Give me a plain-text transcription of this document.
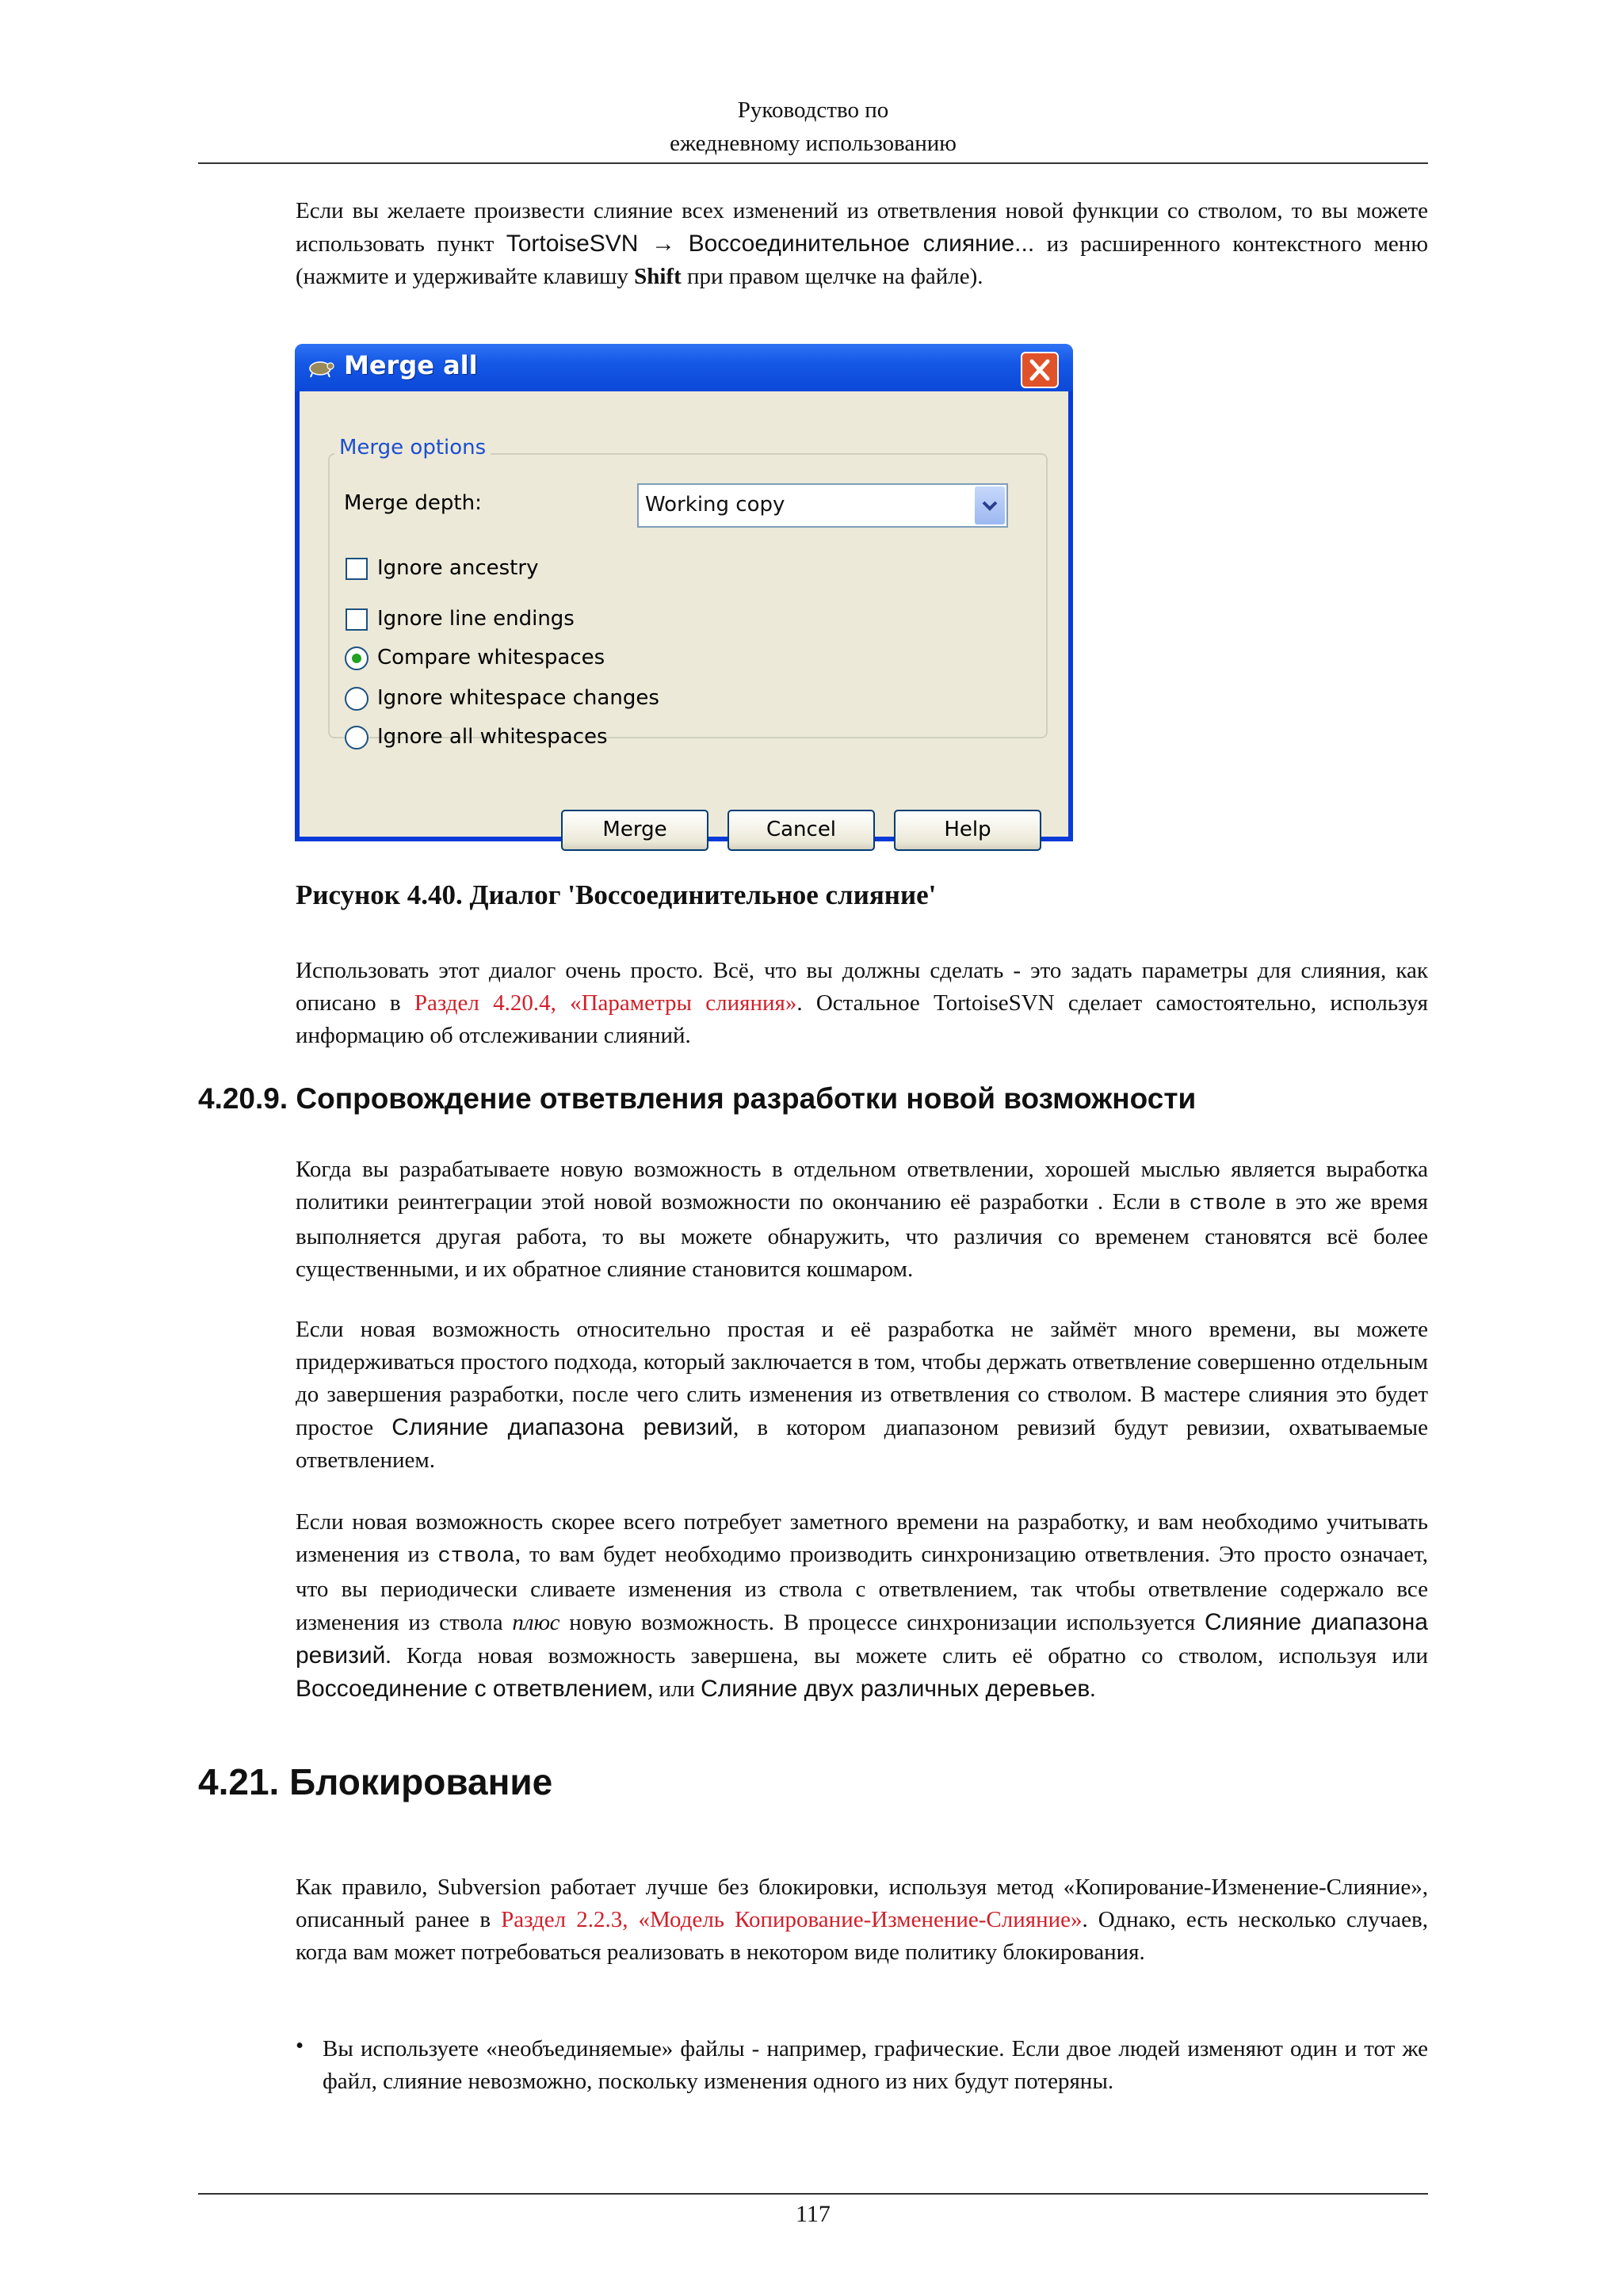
Руководство по
ежедневному использованию
Если вы желаете произвести слияние всех изменений из ответвления новой функции со стволом, то вы можете использовать пункт TortoiseSVN → Воссоединительное слияние... из расширенного контекстного меню (нажмите и удерживайте клавишу Shift при правом щелчке на файле).
Merge all
Merge options
Merge depth:	Working copy
Ignore ancestry
Ignore line endings
Compare whitespaces
Ignore whitespace changes
Ignore all whitespaces
Merge	Cancel	Help
Рисунок 4.40. Диалог 'Воссоединительное слияние'
Использовать этот диалог очень просто. Всё, что вы должны сделать - это задать параметры для слияния, как описано в Раздел 4.20.4, «Параметры слияния». Остальное TortoiseSVN сделает самостоятельно, используя информацию об отслеживании слияний.
4.20.9. Сопровождение ответвления разработки новой возможности
Когда вы разрабатываете новую возможность в отдельном ответвлении, хорошей мыслью является выработка политики реинтеграции этой новой возможности по окончанию её разработки . Если в стволе в это же время выполняется другая работа, то вы можете обнаружить, что различия со временем становятся всё более существенными, и их обратное слияние становится кошмаром.
Если новая возможность относительно простая и её разработка не займёт много времени, вы можете придерживаться простого подхода, который заключается в том, чтобы держать ответвление совершенно отдельным до завершения разработки, после чего слить изменения из ответвления со стволом. В мастере слияния это будет простое Слияние диапазона ревизий, в котором диапазоном ревизий будут ревизии, охватываемые ответвлением.
Если новая возможность скорее всего потребует заметного времени на разработку, и вам необходимо учитывать изменения из ствола, то вам будет необходимо производить синхронизацию ответвления. Это просто означает, что вы периодически сливаете изменения из ствола с ответвлением, так чтобы ответвление содержало все изменения из ствола плюс новую возможность. В процессе синхронизации используется Слияние диапазона ревизий. Когда новая возможность завершена, вы можете слить её обратно со стволом, используя или Воссоединение с ответвлением, или Слияние двух различных деревьев.
4.21. Блокирование
Как правило, Subversion работает лучше без блокировки, используя метод «Копирование-Изменение-Слияние», описанный ранее в Раздел 2.2.3, «Модель Копирование-Изменение-Слияние». Однако, есть несколько случаев, когда вам может потребоваться реализовать в некотором виде политику блокирования.
• Вы используете «необъединяемые» файлы - например, графические. Если двое людей изменяют один и тот же файл, слияние невозможно, поскольку изменения одного из них будут потеряны.
117
